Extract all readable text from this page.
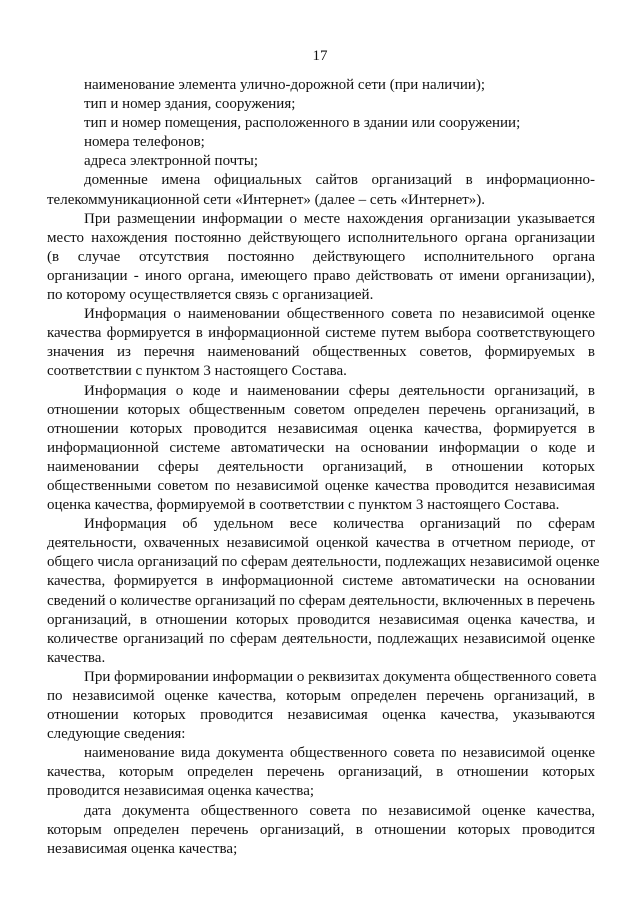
17
наименование элемента улично-дорожной сети (при наличии);
тип и номер здания, сооружения;
тип и номер помещения, расположенного в здании или сооружении;
номера телефонов;
адреса электронной почты;
доменные имена официальных сайтов организаций в информационно-
телекоммуникационной сети «Интернет» (далее – сеть «Интернет»).
При размещении информации о месте нахождения организации указывается
место нахождения постоянно действующего исполнительного органа организации
(в случае отсутствия постоянно действующего исполнительного органа
организации - иного органа, имеющего право действовать от имени организации),
по которому осуществляется связь с организацией.
Информация о наименовании общественного совета по независимой оценке
качества формируется в информационной системе путем выбора соответствующего
значения из перечня наименований общественных советов, формируемых в
соответствии с пунктом 3 настоящего Состава.
Информация о коде и наименовании сферы деятельности организаций, в
отношении которых общественным советом определен перечень организаций, в
отношении которых проводится независимая оценка качества, формируется в
информационной системе автоматически на основании информации о коде и
наименовании сферы деятельности организаций, в отношении которых
общественными советом по независимой оценке качества проводится независимая
оценка качества, формируемой в соответствии с пунктом 3 настоящего Состава.
Информация об удельном весе количества организаций по сферам
деятельности, охваченных независимой оценкой качества в отчетном периоде, от
общего числа организаций по сферам деятельности, подлежащих независимой оценке
качества, формируется в информационной системе автоматически на основании
сведений о количестве организаций по сферам деятельности, включенных в перечень
организаций, в отношении которых проводится независимая оценка качества, и
количестве организаций по сферам деятельности, подлежащих независимой оценке
качества.
При формировании информации о реквизитах документа общественного совета
по независимой оценке качества, которым определен перечень организаций, в
отношении которых проводится независимая оценка качества, указываются
следующие сведения:
наименование вида документа общественного совета по независимой оценке
качества, которым определен перечень организаций, в отношении которых
проводится независимая оценка качества;
дата документа общественного совета по независимой оценке качества,
которым определен перечень организаций, в отношении которых проводится
независимая оценка качества;
